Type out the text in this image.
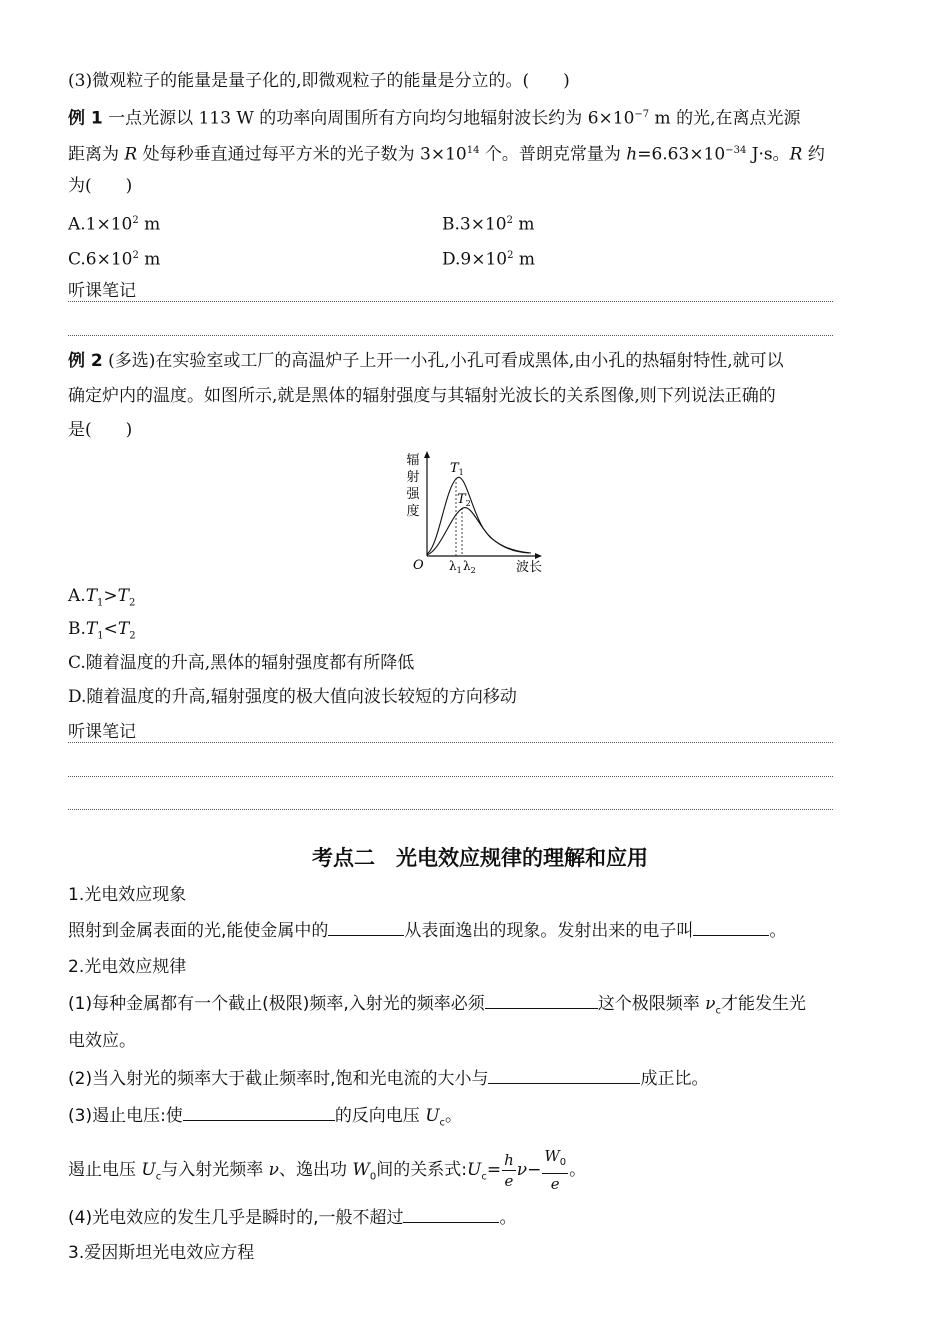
(3)微观粒子的能量是量子化的,即微观粒子的能量是分立的。(　　)
例 1 一点光源以 113 W 的功率向周围所有方向均匀地辐射波长约为 $6\times 10^{-7}$ m 的光,在离点光源
距离为 R 处每秒垂直通过每平方米的光子数为 $3\times 10^{14}$ 个。普朗克常量为 $h=6.63\times 10^{-34}$ J·s。R 约
为(　　)
$A.1\times 10^2$ m	$B.3\times 10^2$ m
$C.6\times 10^2$ m	$D.9\times 10^2$ m
听课笔记
例 2 (多选)在实验室或工厂的高温炉子上开一小孔,小孔可看成黑体,由小孔的热辐射特性,就可以
确定炉内的温度。如图所示,就是黑体的辐射强度与其辐射光波长的关系图像,则下列说法正确的
是(　　)
辐
射
强
度
$T_1$
$T_2$
O $\lambda_1$ $\lambda_2$	波长
$A.T_1>T_2$
$B.T_1<T_2$
C.随着温度的升高,黑体的辐射强度都有所降低
D.随着温度的升高,辐射强度的极大值向波长较短的方向移动
听课笔记
考点二　光电效应规律的理解和应用
1.光电效应现象
照射到金属表面的光,能使金属中的	从表面逸出的现象。发射出来的电子叫	。
2.光电效应规律
(1)每种金属都有一个截止(极限)频率,入射光的频率必须	这个极限频率 $\nu_c$才能发生光
电效应。
(2)当入射光的频率大于截止频率时,饱和光电流的大小与	成正比。
(3)遏止电压:使	的反向电压 $U_c$。
遏止电压 $U_c$与入射光频率 ν、逸出功 $W_0$间的关系式$:U_c= \frac{h}{e} \nu- \frac{W_0}{e}$ 。
(4)光电效应的发生几乎是瞬时的,一般不超过	。
3.爱因斯坦光电效应方程
